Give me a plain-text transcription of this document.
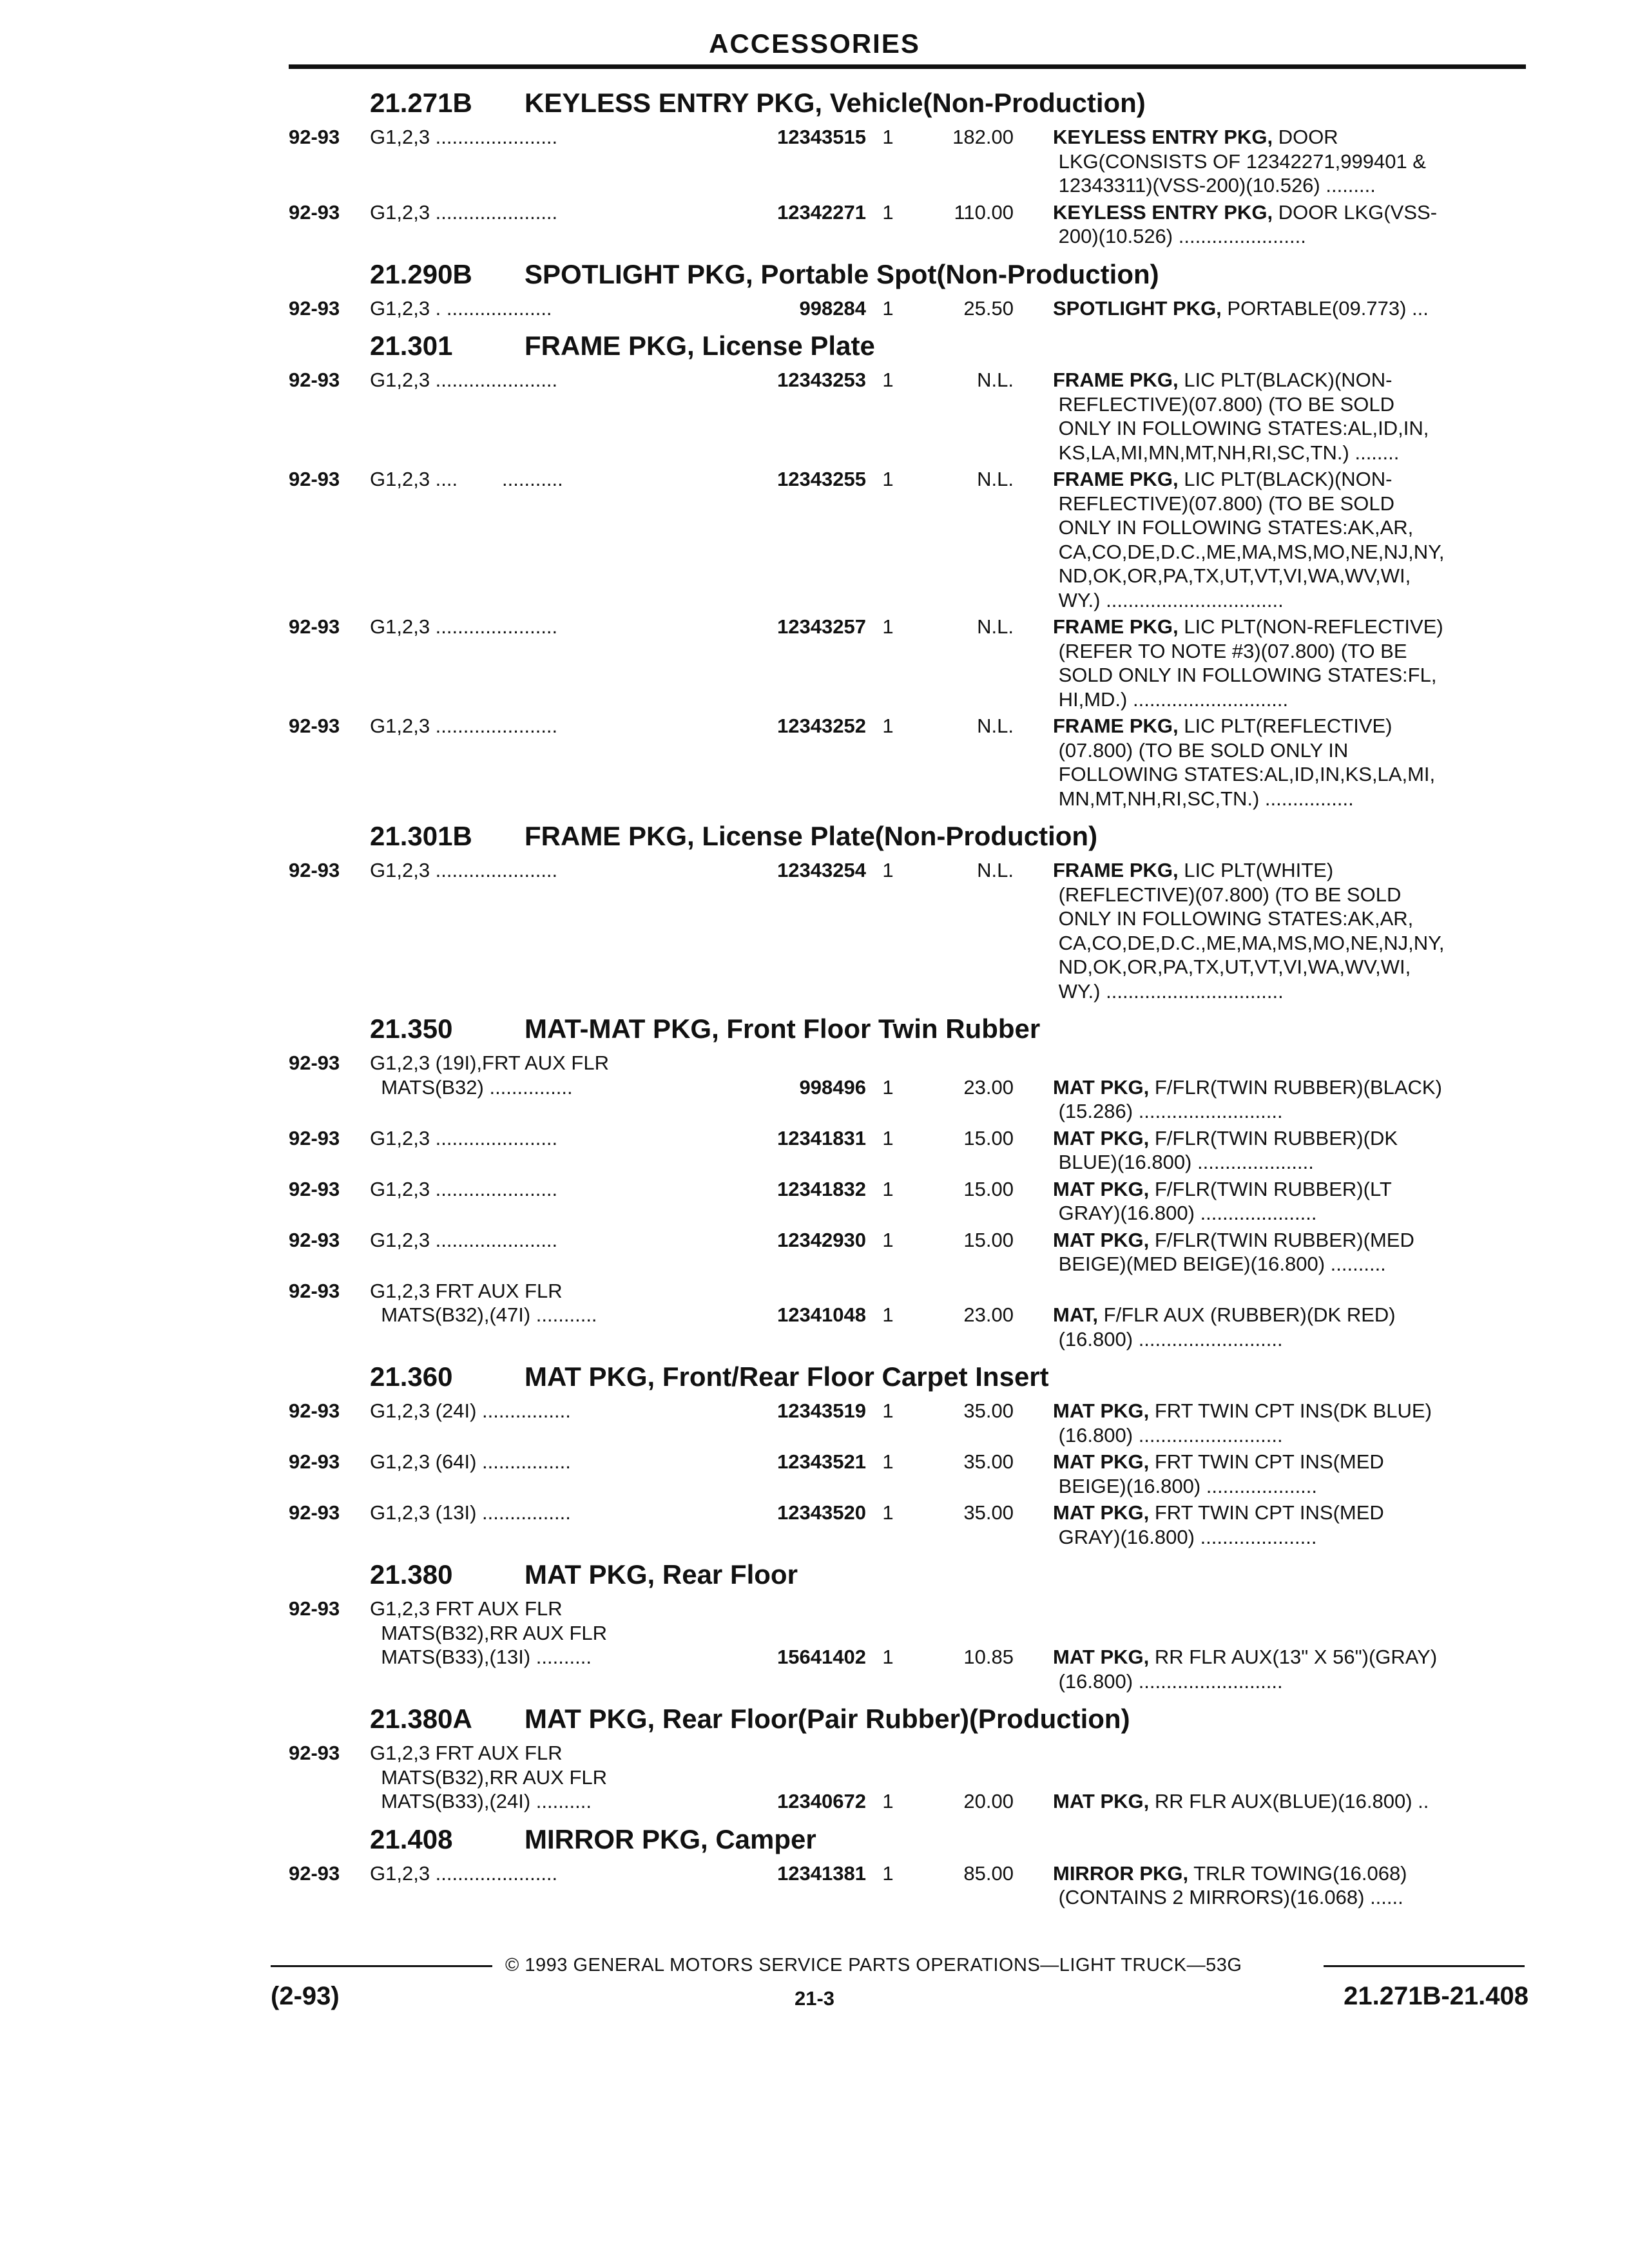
ACCESSORIES
21.271B KEYLESS ENTRY PKG, Vehicle(Non-Production)
92-93 G1,2,3 ......................	12343515 1	182.00 KEYLESS ENTRY PKG, DOOR
LKG(CONSISTS OF 12342271,999401 &
12343311)(VSS-200)(10.526) .........
92-93 G1,2,3 ......................	12342271 1	110.00 KEYLESS ENTRY PKG, DOOR LKG(VSS-
200)(10.526) .......................
21.290B SPOTLIGHT PKG, Portable Spot(Non-Production)
92-93 G1,2,3 . ...................	998284 1	25.50 SPOTLIGHT PKG, PORTABLE(09.773) ...
21.301	FRAME PKG, License Plate
92-93 G1,2,3 ......................	12343253 1	N.L. FRAME PKG, LIC PLT(BLACK)(NON-
REFLECTIVE)(07.800) (TO BE SOLD
ONLY IN FOLLOWING STATES:AL,ID,IN,
KS,LA,MI,MN,MT,NH,RI,SC,TN.) ........
92-93 G1,2,3 ....        ...........	12343255 1	N.L. FRAME PKG, LIC PLT(BLACK)(NON-
REFLECTIVE)(07.800) (TO BE SOLD
ONLY IN FOLLOWING STATES:AK,AR,
CA,CO,DE,D.C.,ME,MA,MS,MO,NE,NJ,NY,
ND,OK,OR,PA,TX,UT,VT,VI,WA,WV,WI,
WY.) ................................
92-93 G1,2,3 ......................	12343257 1	N.L. FRAME PKG, LIC PLT(NON-REFLECTIVE)
(REFER TO NOTE #3)(07.800) (TO BE
SOLD ONLY IN FOLLOWING STATES:FL,
HI,MD.) ............................
92-93 G1,2,3 ......................	12343252 1	N.L. FRAME PKG, LIC PLT(REFLECTIVE)
(07.800) (TO BE SOLD ONLY IN
FOLLOWING STATES:AL,ID,IN,KS,LA,MI,
MN,MT,NH,RI,SC,TN.) ................
21.301B FRAME PKG, License Plate(Non-Production)
92-93 G1,2,3 ......................	12343254 1	N.L. FRAME PKG, LIC PLT(WHITE)
(REFLECTIVE)(07.800) (TO BE SOLD
ONLY IN FOLLOWING STATES:AK,AR,
CA,CO,DE,D.C.,ME,MA,MS,MO,NE,NJ,NY,
ND,OK,OR,PA,TX,UT,VT,VI,WA,WV,WI,
WY.) ................................
21.350	MAT-MAT PKG, Front Floor Twin Rubber
92-93 G1,2,3 (19I),FRT AUX FLR
MATS(B32) ...............	998496 1	23.00 MAT PKG, F/FLR(TWIN RUBBER)(BLACK)
(15.286) ..........................
92-93 G1,2,3 ......................	12341831 1	15.00 MAT PKG, F/FLR(TWIN RUBBER)(DK
BLUE)(16.800) .....................
92-93 G1,2,3 ......................	12341832 1	15.00 MAT PKG, F/FLR(TWIN RUBBER)(LT
GRAY)(16.800) .....................
92-93 G1,2,3 ......................	12342930 1	15.00 MAT PKG, F/FLR(TWIN RUBBER)(MED
BEIGE)(MED BEIGE)(16.800) ..........
92-93 G1,2,3 FRT AUX FLR
MATS(B32),(47I) ...........	12341048 1	23.00 MAT, F/FLR AUX (RUBBER)(DK RED)
(16.800) ..........................
21.360	MAT PKG, Front/Rear Floor Carpet Insert
92-93 G1,2,3 (24I) ................	12343519 1	35.00 MAT PKG, FRT TWIN CPT INS(DK BLUE)
(16.800) ..........................
92-93 G1,2,3 (64I) ................	12343521 1	35.00 MAT PKG, FRT TWIN CPT INS(MED
BEIGE)(16.800) ....................
92-93 G1,2,3 (13I) ................	12343520 1	35.00 MAT PKG, FRT TWIN CPT INS(MED
GRAY)(16.800) .....................
21.380	MAT PKG, Rear Floor
92-93 G1,2,3 FRT AUX FLR
MATS(B32),RR AUX FLR
MATS(B33),(13I) ..........	15641402 1	10.85 MAT PKG, RR FLR AUX(13" X 56")(GRAY)
(16.800) ..........................
21.380A MAT PKG, Rear Floor(Pair Rubber)(Production)
92-93 G1,2,3 FRT AUX FLR
MATS(B32),RR AUX FLR
MATS(B33),(24I) ..........	12340672 1	20.00 MAT PKG, RR FLR AUX(BLUE)(16.800) ..
21.408	MIRROR PKG, Camper
92-93 G1,2,3 ......................	12341381 1	85.00 MIRROR PKG, TRLR TOWING(16.068)
(CONTAINS 2 MIRRORS)(16.068) ......
© 1993 GENERAL MOTORS SERVICE PARTS OPERATIONS—LIGHT TRUCK—53G
(2-93)	21-3	21.271B-21.408
